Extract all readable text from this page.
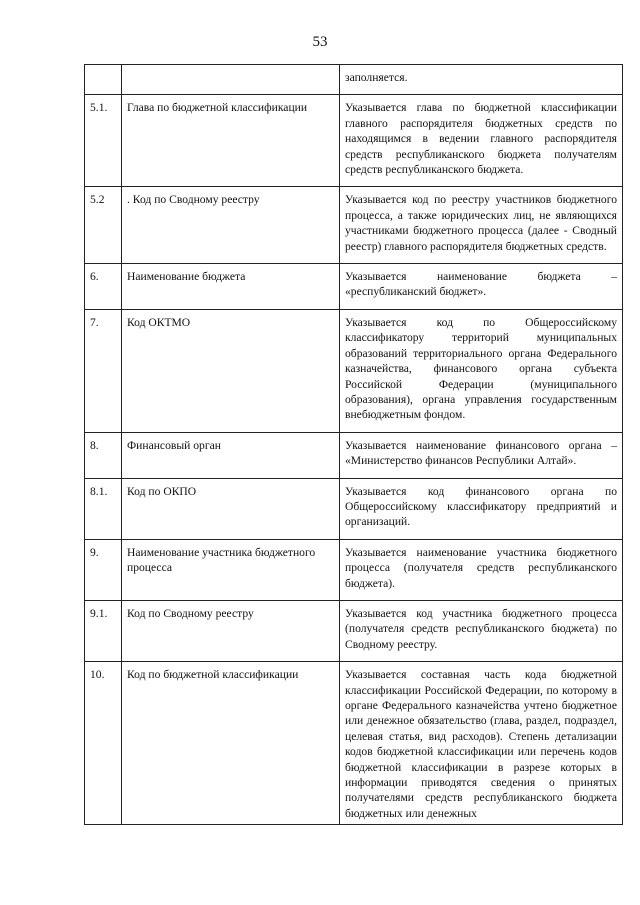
53
		заполняется.
5.1.	Глава по бюджетной классификации	Указывается глава по бюджетной классификации главного распорядителя бюджетных средств по находящимся в ведении главного распорядителя средств республиканского бюджета получателям средств республиканского бюджета.
5.2	. Код по Сводному реестру	Указывается код по реестру участников бюджетного процесса, а также юридических лиц, не являющихся участниками бюджетного процесса (далее - Сводный реестр) главного распорядителя бюджетных средств.
6.	Наименование бюджета	Указывается наименование бюджета – «республиканский бюджет».
7.	Код ОКТМО	Указывается код по Общероссийскому классификатору территорий муниципальных образований территориального органа Федерального казначейства, финансового органа субъекта Российской Федерации (муниципального образования), органа управления государственным внебюджетным фондом.
8.	Финансовый орган	Указывается наименование финансового органа – «Министерство финансов Республики Алтай».
8.1.	Код по ОКПО	Указывается код финансового органа по Общероссийскому классификатору предприятий и организаций.
9.	Наименование участника бюджетного процесса	Указывается наименование участника бюджетного процесса (получателя средств республиканского бюджета).
9.1.	Код по Сводному реестру	Указывается код участника бюджетного процесса (получателя средств республиканского бюджета) по Сводному реестру.
10.	Код по бюджетной классификации	Указывается составная часть кода бюджетной классификации Российской Федерации, по которому в органе Федерального казначейства учтено бюджетное или денежное обязательство (глава, раздел, подраздел, целевая статья, вид расходов). Степень детализации кодов бюджетной классификации или перечень кодов бюджетной классификации в разрезе которых в информации приводятся сведения о принятых получателями средств республиканского бюджета бюджетных или денежных
